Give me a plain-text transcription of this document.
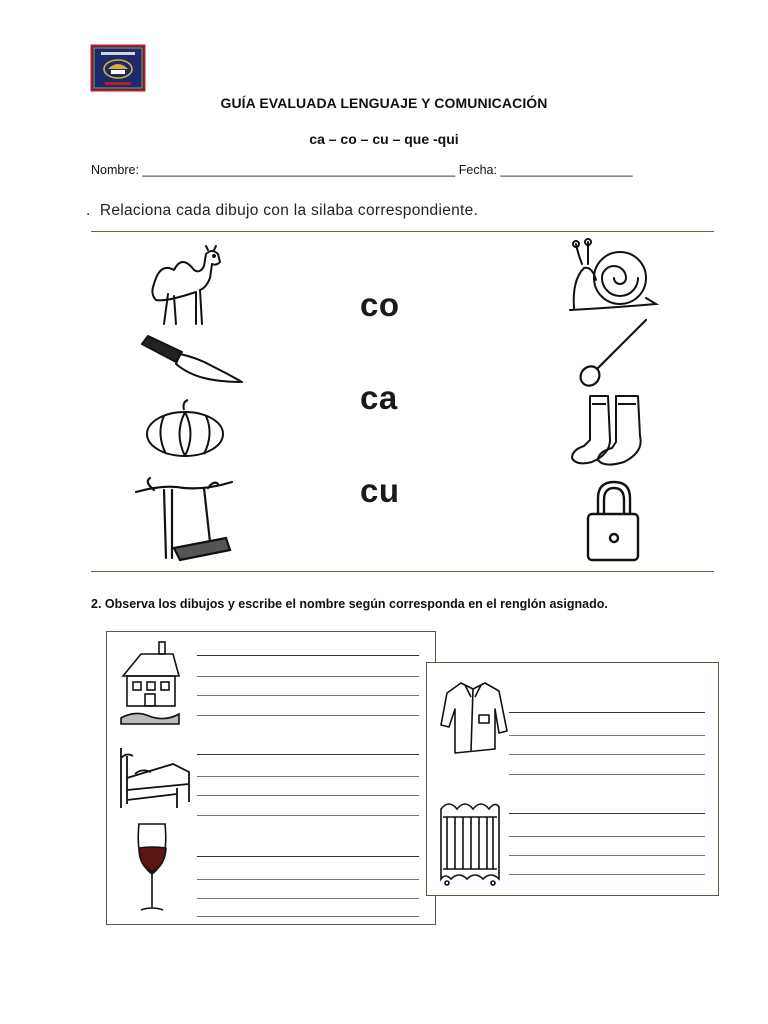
GUÍA EVALUADA LENGUAJE Y COMUNICACIÓN
ca – co – cu – que -qui
Nombre: _____________________________________________ Fecha: ___________________
. Relaciona cada dibujo con la silaba correspondiente.
co
ca
cu
2. Observa los dibujos y escribe el nombre según corresponda en el renglón asignado.
